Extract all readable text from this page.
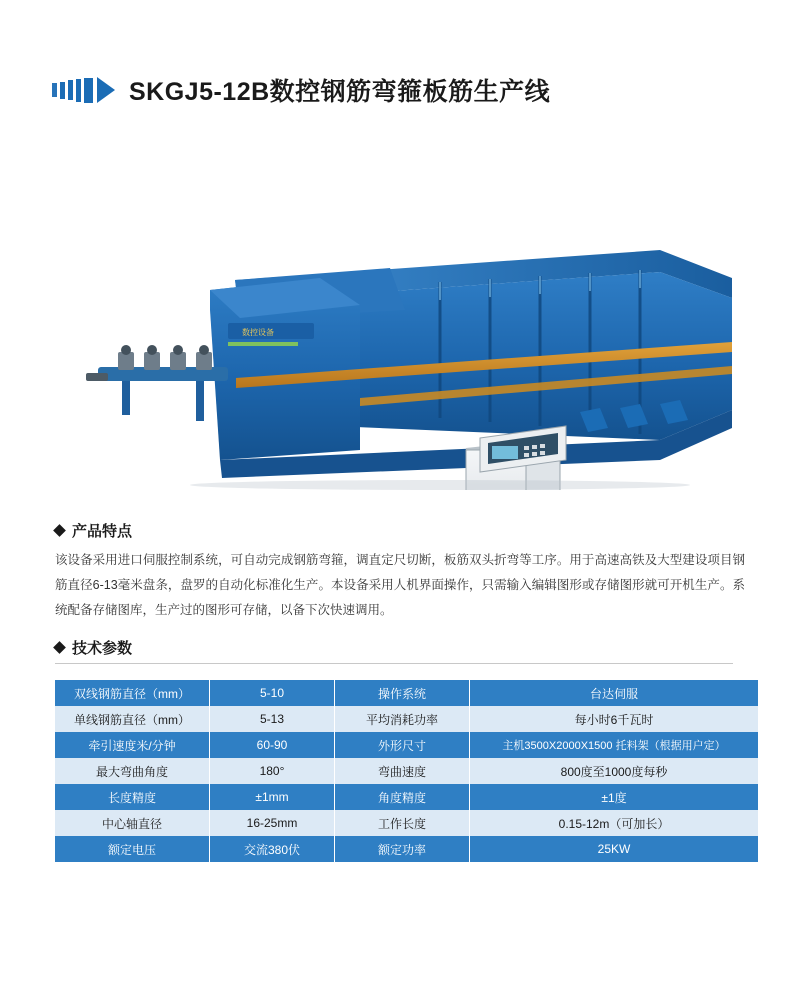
SKGJ5-12B数控钢筋弯箍板筋生产线
数控设备
产品特点
该设备采用进口伺服控制系统，可自动完成钢筋弯箍，调直定尺切断，板筋双头折弯等工序。用于高速高铁及大型建设项目钢筋直径6-13毫米盘条，盘罗的自动化标准化生产。本设备采用人机界面操作，只需输入编辑图形或存储图形就可开机生产。系统配备存储图库，生产过的图形可存储，以备下次快速调用。
技术参数
双线钢筋直径（mm）	5-10	操作系统	台达伺服
单线钢筋直径（mm）	5-13	平均消耗功率	每小时6千瓦时
牵引速度米/分钟	60-90	外形尺寸	主机3500X2000X1500 托料架（根据用户定）
最大弯曲角度	180°	弯曲速度	800度至1000度每秒
长度精度	±1mm	角度精度	±1度
中心轴直径	16-25mm	工作长度	0.15-12m（可加长）
额定电压	交流380伏	额定功率	25KW
